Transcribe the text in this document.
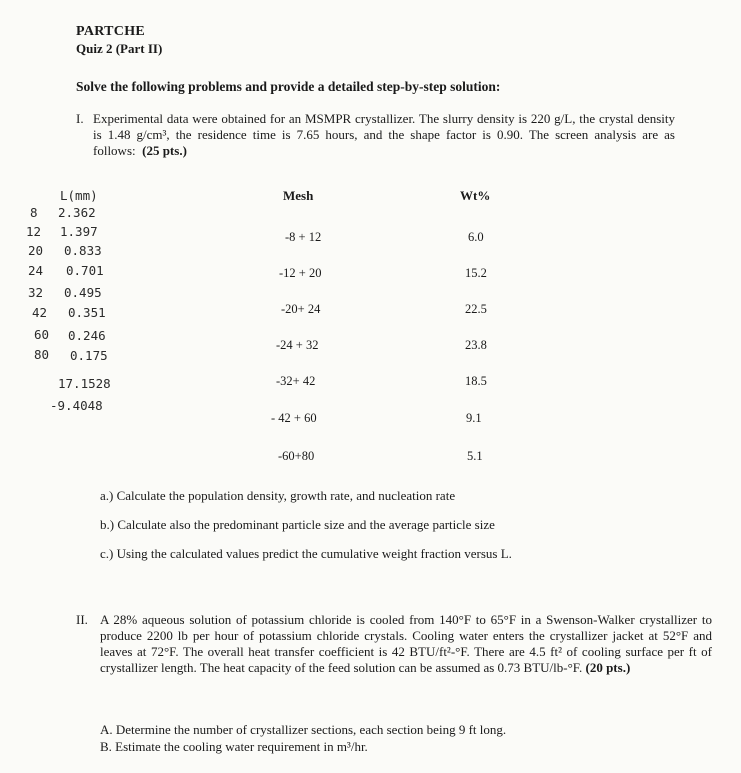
PARTCHE
Quiz 2 (Part II)
Solve the following problems and provide a detailed step-by-step solution:
I. Experimental data were obtained for an MSMPR crystallizer. The slurry density is 220 g/L, the crystal density is 1.48 g/cm³, the residence time is 7.65 hours, and the shape factor is 0.90. The screen analysis are as follows: (25 pts.)
Mesh	Wt%
-8 + 12	6.0
-12 + 20	15.2
-20+ 24	22.5
-24 + 32	23.8
-32+ 42	18.5
- 42 + 60	9.1
-60+80	5.1
L(mm)
8 2.362
12 1.397
20 0.833
24 0.701
32 0.495
42 0.351
60 0.246
80 0.175
17.1528
-9.4048
a.) Calculate the population density, growth rate, and nucleation rate
b.) Calculate also the predominant particle size and the average particle size
c.) Using the calculated values predict the cumulative weight fraction versus L.
II. A 28% aqueous solution of potassium chloride is cooled from 140°F to 65°F in a Swenson-Walker crystallizer to produce 2200 lb per hour of potassium chloride crystals. Cooling water enters the crystallizer jacket at 52°F and leaves at 72°F. The overall heat transfer coefficient is 42 BTU/ft²-°F. There are 4.5 ft² of cooling surface per ft of crystallizer length. The heat capacity of the feed solution can be assumed as 0.73 BTU/lb-°F. (20 pts.)
A. Determine the number of crystallizer sections, each section being 9 ft long.
B. Estimate the cooling water requirement in m³/hr.
